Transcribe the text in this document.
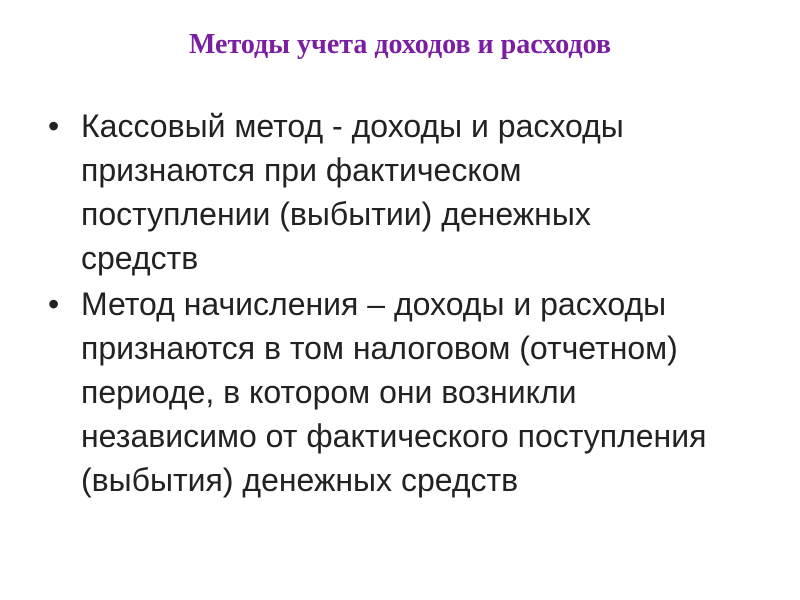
Методы учета доходов и расходов
• Кассовый метод - доходы и расходы
признаются при фактическом
поступлении (выбытии) денежных
средств
• Метод начисления – доходы и расходы
признаются в том налоговом (отчетном)
периоде, в котором они возникли
независимо от фактического поступления
(выбытия) денежных средств
